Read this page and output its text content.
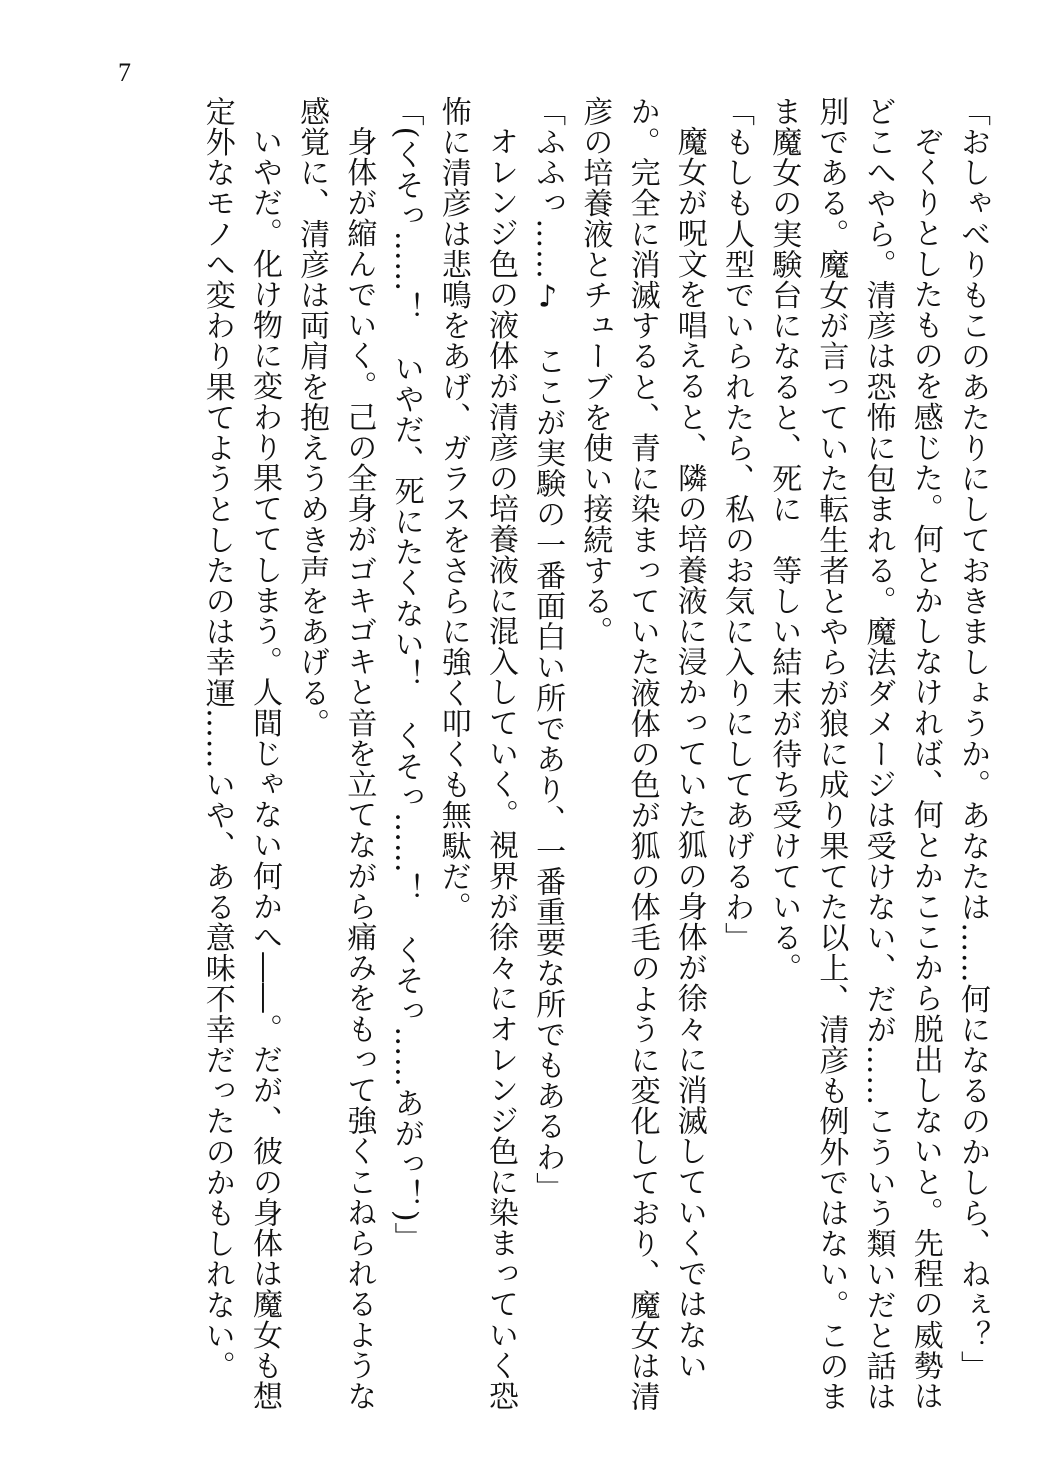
7

「おしゃべりもこのあたりにしておきましょうか。あなたは……何になるのかしら、ねぇ？」

ぞくりとしたものを感じた。何とかしなければ、何とかここから脱出しないと。先程の威勢はどこへやら。清彦は恐怖に包まれる。魔法ダメージは受けない、だが……こういう類いだと話は別である。魔女が言っていた転生者とやらが狼に成り果てた以上、清彦も例外ではない。このまま魔女の実験台になると、死に　等しい結末が待ち受けている。

「もしも人型でいられたら、私のお気に入りにしてあげるわ」

魔女が呪文を唱えると、隣の培養液に浸かっていた狐の身体が徐々に消滅していくではないか。完全に消滅すると、青に染まっていた液体の色が狐の体毛のように変化しており、魔女は清彦の培養液とチューブを使い接続する。

「ふふっ……♪　ここが実験の一番面白い所であり、一番重要な所でもあるわ」

オレンジ色の液体が清彦の培養液に混入していく。視界が徐々にオレンジ色に染まっていく恐怖に清彦は悲鳴をあげ、ガラスをさらに強く叩くも無駄だ。

「(くそっ……！　いやだ、死にたくない！　くそっ……！　くそっ……あがっ！)」

身体が縮んでいく。己の全身がゴキゴキと音を立てながら痛みをもって強くこねられるような感覚に、清彦は両肩を抱えうめき声をあげる。

いやだ。化け物に変わり果ててしまう。人間じゃない何かへ――。だが、彼の身体は魔女も想定外なモノへ変わり果てようとしたのは幸運……いや、ある意味不幸だったのかもしれない。
